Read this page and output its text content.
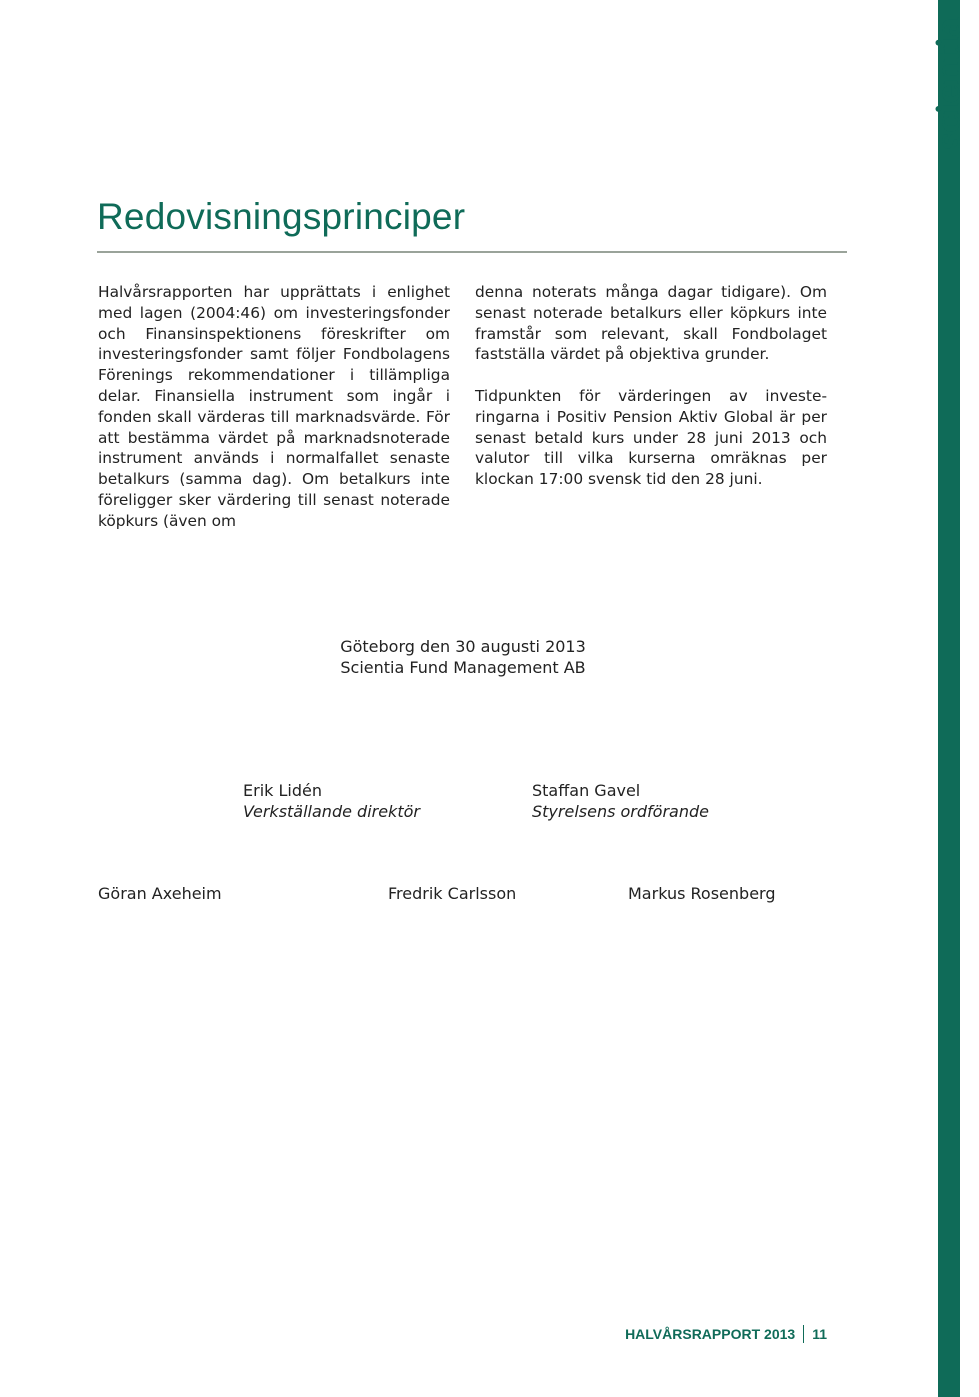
scientia
Redovisningsprinciper

Halvårsrapporten har upprättats i enlighet med lagen (2004:46) om investeringsfonder och Finansinspektionens föreskrifter om investeringsfonder samt följer Fondbolagens Förenings rekommendationer i tillämpliga delar. Finansiella instrument som ingår i fonden skall värderas till marknadsvärde. För att bestämma värdet på marknadsnoterade instrument används i normalfallet senaste betalkurs (samma dag). Om betalkurs inte föreligger sker värdering till senast noterade köpkurs (även om

denna noterats många dagar tidigare). Om senast noterade betalkurs eller köpkurs inte framstår som relevant, skall Fondbolaget fastställa värdet på objektiva grunder.

Tidpunkten för värderingen av investeringarna i Positiv Pension Aktiv Global är per senast betald kurs under 28 juni 2013 och valutor till vilka kurserna omräknas per klockan 17:00 svensk tid den 28 juni.

Göteborg den 30 augusti 2013
Scientia Fund Management AB
Erik Lidén
Verkställande direktör
Staffan Gavel
Styrelsens ordförande
Göran Axeheim	Fredrik Carlsson	Markus Rosenberg
HALVÅRSRAPPORT 2013 11
